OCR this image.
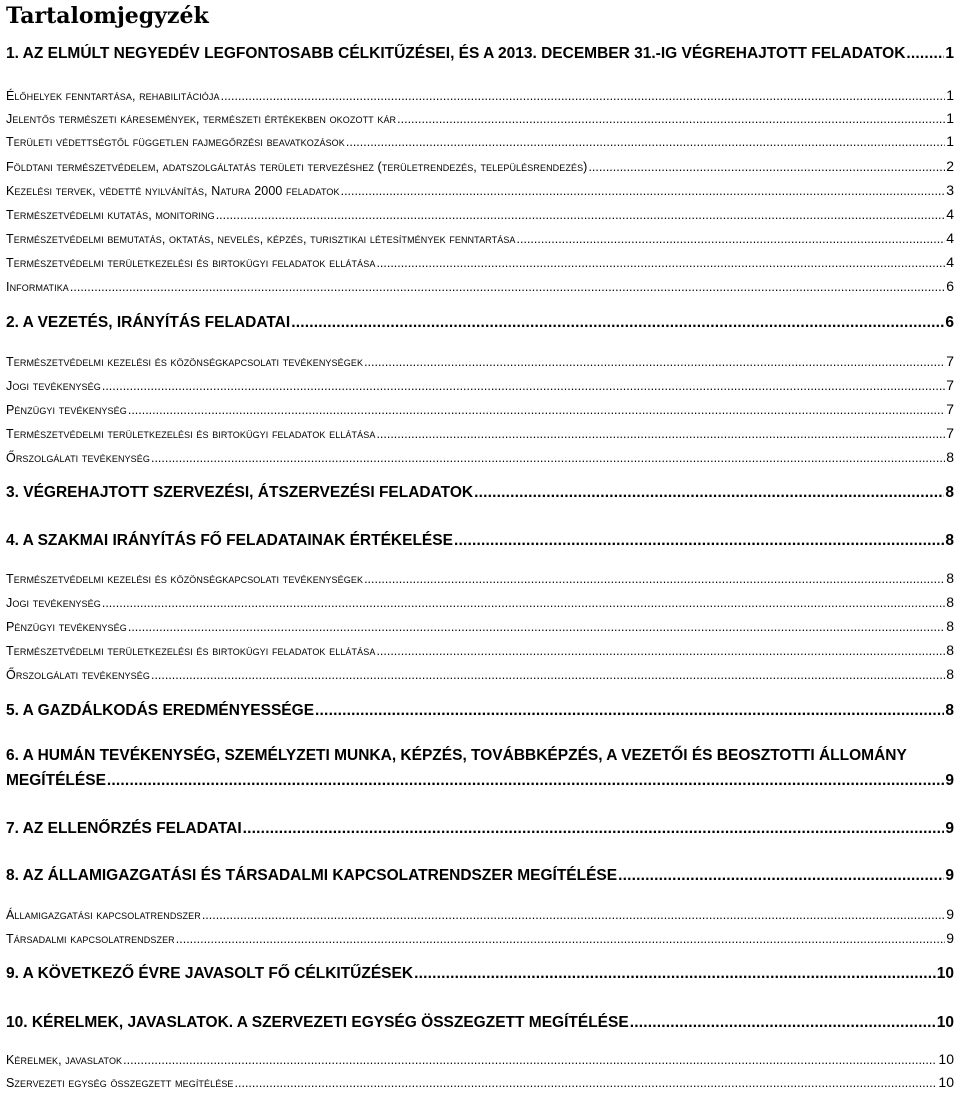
Tartalomjegyzék
1. AZ ELMÚLT NEGYEDÉV LEGFONTOSABB CÉLKITŰZÉSEI, ÉS A 2013. DECEMBER 31.-IG VÉGREHAJTOTT FELADATOK .....	1
Élőhelyek fenntartása, rehabilitációja .....	1
Jelentős természeti káresemények, természeti értékekben okozott kár .....	1
Területi védettségtől független fajmegőrzési beavatkozások .....	1
Földtani természetvédelem, adatszolgáltatás területi tervezéshez (területrendezés, településrendezés) .....	2
Kezelési tervek, védetté nyilvánítás, Natura 2000 feladatok .....	3
Természetvédelmi kutatás, monitoring .....	4
Természetvédelmi bemutatás, oktatás, nevelés, képzés, turisztikai létesítmények fenntartása .....	4
Természetvédelmi területkezelési és birtokügyi feladatok ellátása .....	4
Informatika .....	6
2. A VEZETÉS, IRÁNYÍTÁS FELADATAI .....	6
Természetvédelmi kezelési és közönségkapcsolati tevékenységek .....	7
Jogi tevékenység .....	7
Pénzügyi tevékenység .....	7
Természetvédelmi területkezelési és birtokügyi feladatok ellátása .....	7
Őrszolgálati tevékenység .....	8
3. VÉGREHAJTOTT SZERVEZÉSI, ÁTSZERVEZÉSI FELADATOK .....	8
4. A SZAKMAI IRÁNYÍTÁS FŐ FELADATAINAK ÉRTÉKELÉSE .....	8
Természetvédelmi kezelési és közönségkapcsolati tevékenységek .....	8
Jogi tevékenység .....	8
Pénzügyi tevékenység .....	8
Természetvédelmi területkezelési és birtokügyi feladatok ellátása .....	8
Őrszolgálati tevékenység .....	8
5. A GAZDÁLKODÁS EREDMÉNYESSÉGE .....	8
6. A HUMÁN TEVÉKENYSÉG, SZEMÉLYZETI MUNKA, KÉPZÉS, TOVÁBBKÉPZÉS, A VEZETŐI ÉS BEOSZTOTTI ÁLLOMÁNY
MEGÍTÉLÉSE .....	9
7. AZ ELLENŐRZÉS FELADATAI .....	9
8. AZ ÁLLAMIGAZGATÁSI ÉS TÁRSADALMI KAPCSOLATRENDSZER MEGÍTÉLÉSE .....	9
Államigazgatási kapcsolatrendszer .....	9
Társadalmi kapcsolatrendszer .....	9
9. A KÖVETKEZŐ ÉVRE JAVASOLT FŐ CÉLKITŰZÉSEK .....	10
10. KÉRELMEK, JAVASLATOK. A SZERVEZETI EGYSÉG ÖSSZEGZETT MEGÍTÉLÉSE .....	10
Kérelmek, javaslatok .....	10
Szervezeti egység összegzett megítélése .....	10
